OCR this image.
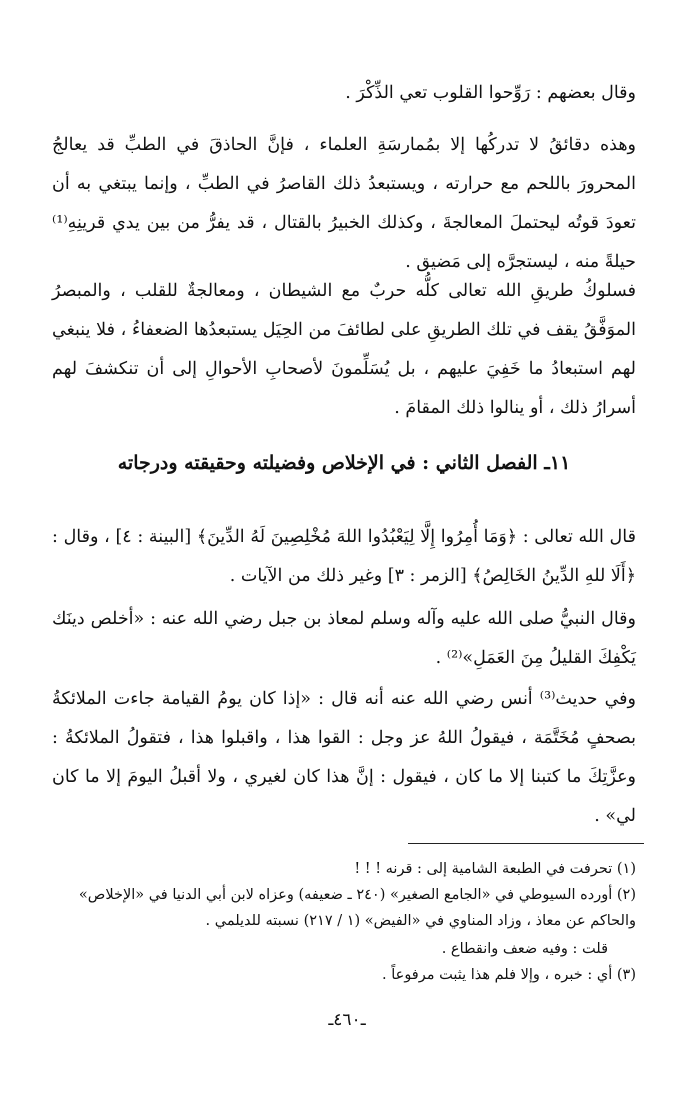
وقال بعضهم : رَوِّحوا القلوب تعي الذِّكْرَ .

وهذه دقائقُ لا تدركُها إلا بمُمارسَةِ العلماء ، فإنَّ الحاذقَ في الطبِّ قد يعالجُ المحرورَ باللحم مع حرارته ، ويستبعدُ ذلك القاصرُ في الطبِّ ، وإنما يبتغي به أن تعودَ قوتُه ليحتملَ المعالجةَ ، وكذلك الخبيرُ بالقتال ، قد يفرُّ من بين يدي قرينِهِ⁽¹⁾ حيلةً منه ، ليستجرَّه إلى مَضيق .

فسلوكُ طريقِ الله تعالى كلُّه حربٌ مع الشيطان ، ومعالجةٌ للقلب ، والمبصرُ الموَفَّقُ يقف في تلك الطريقِ على لطائفَ من الحِيَل يستبعدُها الضعفاءُ ، فلا ينبغي لهم استبعادُ ما خَفِيَ عليهم ، بل يُسَلِّمونَ لأصحابِ الأحوالِ إلى أن تنكشفَ لهم أسرارُ ذلك ، أو ينالوا ذلك المقامَ .

١١ـ الفصل الثاني : في الإخلاص وفضيلته وحقيقته ودرجاته

قال الله تعالى : ﴿وَمَا أُمِرُوا إِلَّا لِيَعْبُدُوا اللهَ مُخْلِصِينَ لَهُ الدِّينَ﴾ [البينة : ٤] ، وقال : ﴿أَلَا للهِ الدِّينُ الخَالِصُ﴾ [الزمر : ٣] وغير ذلك من الآيات .

وقال النبيُّ صلى الله عليه وآله وسلم لمعاذ بن جبل رضي الله عنه : «أخلص دينَك يَكْفِكَ القليلُ مِنَ العَمَلِ»⁽²⁾ .

وفي حديث⁽³⁾ أنس رضي الله عنه أنه قال : «إذا كان يومُ القيامة جاءت الملائكةُ بصحفٍ مُخَتَّمَة ، فيقولُ اللهُ عز وجل : القوا هذا ، واقبلوا هذا ، فتقولُ الملائكةُ : وعزَّتِكَ ما كتبنا إلا ما كان ، فيقول : إنَّ هذا كان لغيري ، ولا أقبلُ اليومَ إلا ما كان لي» .

(١) تحرفت في الطبعة الشامية إلى : قرنه ! ! !

(٢) أورده السيوطي في «الجامع الصغير» (٢٤٠ ـ ضعيفه) وعزاه لابن أبي الدنيا في «الإخلاص» والحاكم عن معاذ ، وزاد المناوي في «الفيض» (١ / ٢١٧) نسبته للديلمي .

قلت : وفيه ضعف وانقطاع .

(٣) أي : خبره ، وإلا فلم هذا يثبت مرفوعاً .

ـ٤٦٠ـ
